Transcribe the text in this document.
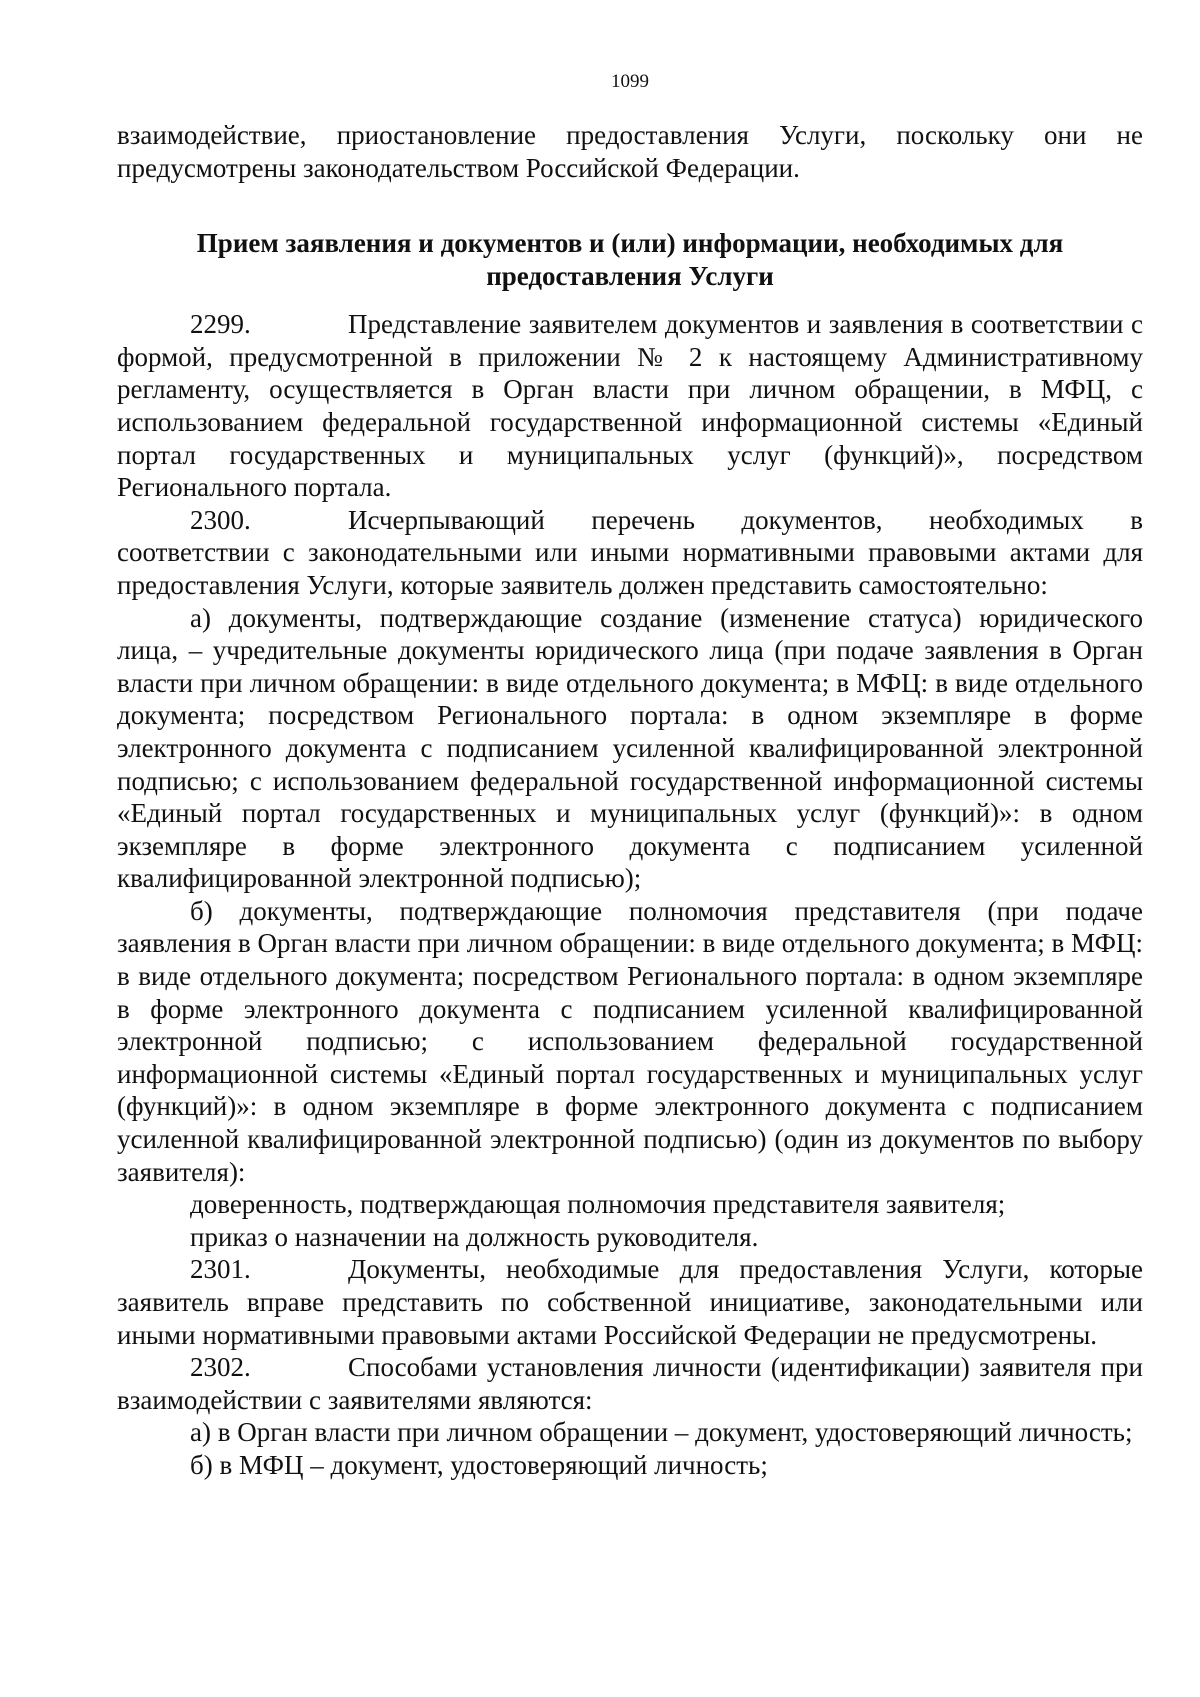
1099

взаимодействие, приостановление предоставления Услуги, поскольку они не предусмотрены законодательством Российской Федерации.

Прием заявления и документов и (или) информации, необходимых для
предоставления Услуги

2299.	Представление заявителем документов и заявления в соответствии с формой, предусмотренной в приложении № 2 к настоящему Административному регламенту, осуществляется в Орган власти при личном обращении, в МФЦ, с использованием федеральной государственной информационной системы «Единый портал государственных и муниципальных услуг (функций)», посредством Регионального портала.

2300.	Исчерпывающий перечень документов, необходимых в соответствии с законодательными или иными нормативными правовыми актами для предоставления Услуги, которые заявитель должен представить самостоятельно:

а) документы, подтверждающие создание (изменение статуса) юридического лица, – учредительные документы юридического лица (при подаче заявления в Орган власти при личном обращении: в виде отдельного документа; в МФЦ: в виде отдельного документа; посредством Регионального портала: в одном экземпляре в форме электронного документа с подписанием усиленной квалифицированной электронной подписью; с использованием федеральной государственной информационной системы «Единый портал государственных и муниципальных услуг (функций)»: в одном экземпляре в форме электронного документа с подписанием усиленной квалифицированной электронной подписью);

б) документы, подтверждающие полномочия представителя (при подаче заявления в Орган власти при личном обращении: в виде отдельного документа; в МФЦ: в виде отдельного документа; посредством Регионального портала: в одном экземпляре в форме электронного документа с подписанием усиленной квалифицированной электронной подписью; с использованием федеральной государственной информационной системы «Единый портал государственных и муниципальных услуг (функций)»: в одном экземпляре в форме электронного документа с подписанием усиленной квалифицированной электронной подписью) (один из документов по выбору заявителя):

доверенность, подтверждающая полномочия представителя заявителя;

приказ о назначении на должность руководителя.

2301.	Документы, необходимые для предоставления Услуги, которые заявитель вправе представить по собственной инициативе, законодательными или иными нормативными правовыми актами Российской Федерации не предусмотрены.

2302.	Способами установления личности (идентификации) заявителя при взаимодействии с заявителями являются:

а) в Орган власти при личном обращении – документ, удостоверяющий личность;

б) в МФЦ – документ, удостоверяющий личность;
